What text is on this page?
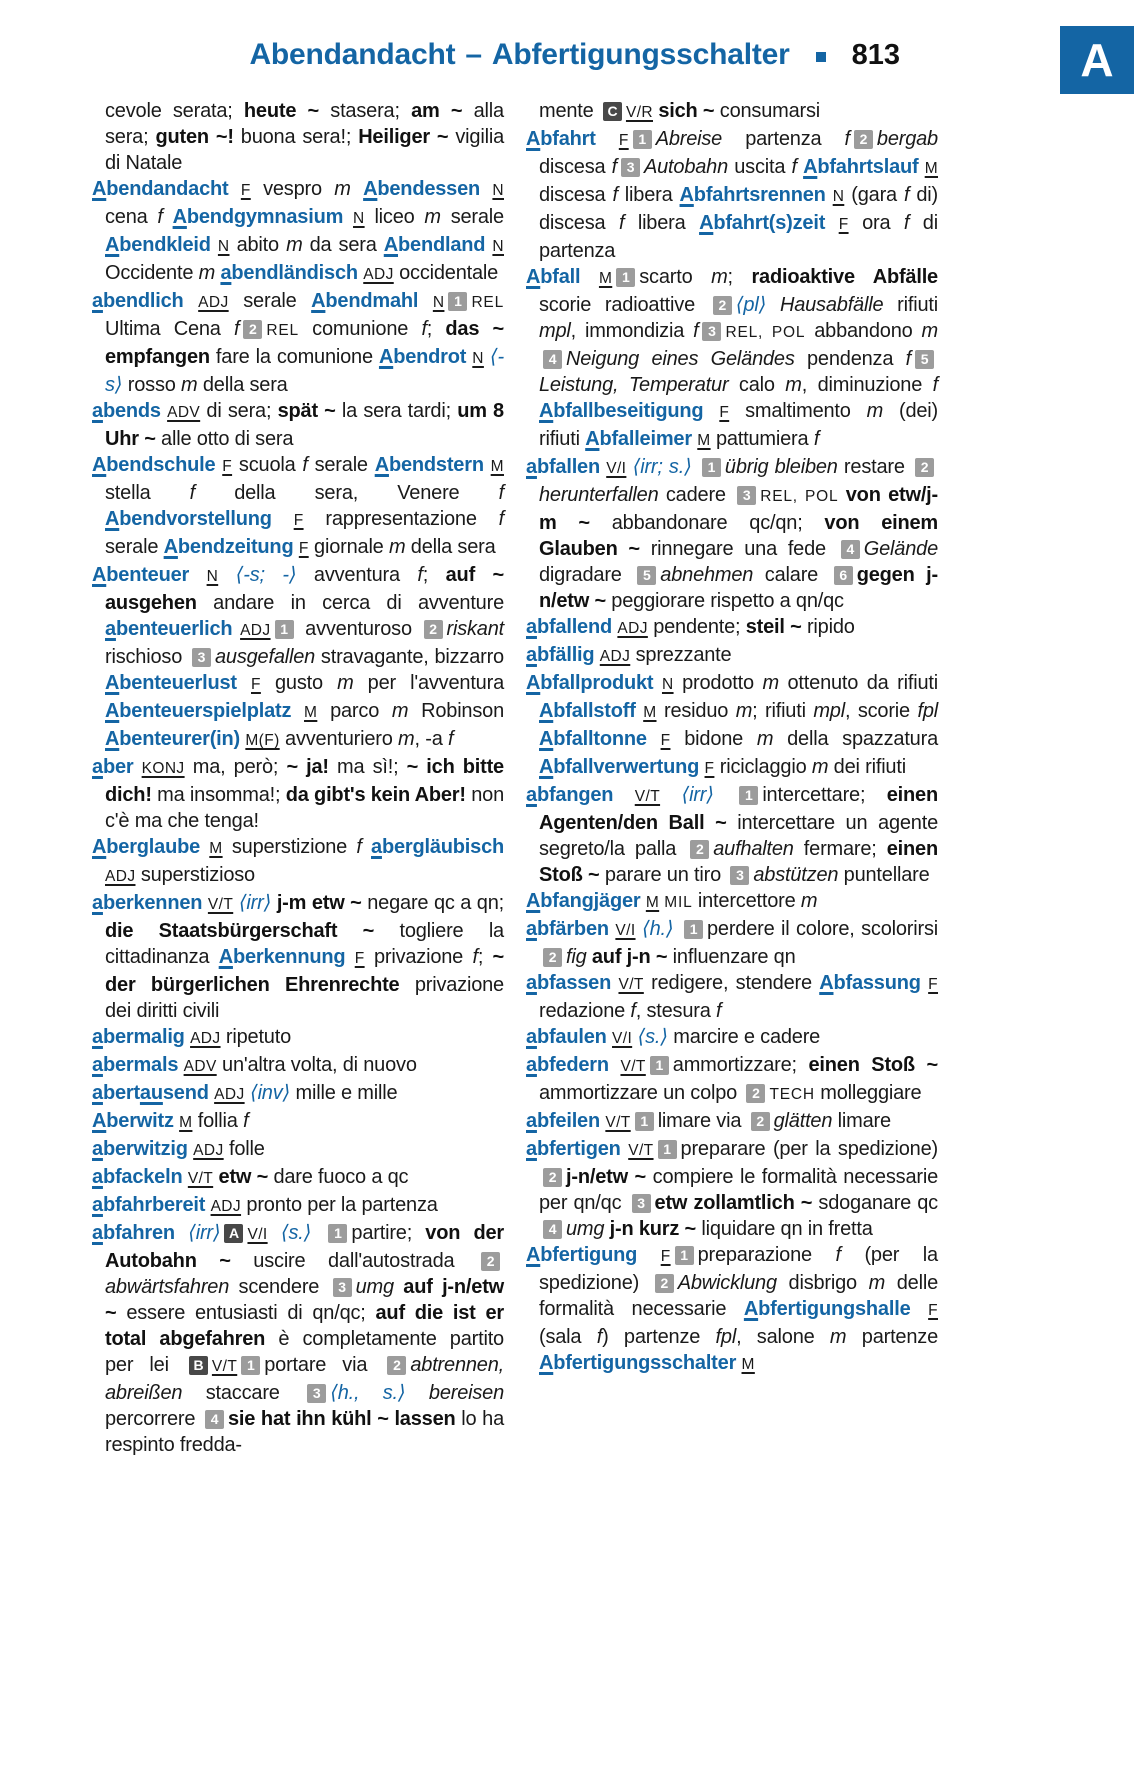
Abendandacht – Abfertigungsschalter 813	A

cevole serata; heute ~ stasera; am ~ alla sera; guten ~! buona sera!; Heiliger ~ vigilia di Natale

Abendandacht F vespro m Abendessen N cena f Abendgymnasium N liceo m serale Abendkleid N abito m da sera Abendland N Occidente m abendländisch ADJ occidentale

abendlich ADJ serale Abendmahl N 1 REL Ultima Cena f 2 REL comunione f; das ~ empfangen fare la comunione Abendrot N ⟨-s⟩ rosso m della sera

abends ADV di sera; spät ~ la sera tardi; um 8 Uhr ~ alle otto di sera

Abendschule F scuola f serale Abendstern M stella f della sera, Venere f Abendvorstellung F rappresentazione f serale Abendzeitung F giornale m della sera

Abenteuer N ⟨-s; -⟩ avventura f; auf ~ ausgehen andare in cerca di avventure abenteuerlich ADJ 1 avventuroso 2 riskant rischioso 3 ausgefallen stravagante, bizzarro Abenteuerlust F gusto m per l'avventura Abenteuerspielplatz M parco m Robinson Abenteurer(in) M(F) avventuriero m, -a f

aber KONJ ma, però; ~ ja! ma sì!; ~ ich bitte dich! ma insomma!; da gibt's kein Aber! non c'è ma che tenga!

Aberglaube M superstizione f abergläubisch ADJ superstizioso

aberkennen V/T ⟨irr⟩ j-m etw ~ negare qc a qn; die Staatsbürgerschaft ~ togliere la cittadinanza Aberkennung F privazione f; ~ der bürgerlichen Ehrenrechte privazione dei diritti civili

abermalig ADJ ripetuto

abermals ADV un'altra volta, di nuovo

abertausend ADJ ⟨inv⟩ mille e mille

Aberwitz M follia f

aberwitzig ADJ folle

abfackeln V/T etw ~ dare fuoco a qc

abfahrbereit ADJ pronto per la partenza

abfahren ⟨irr⟩ A V/I ⟨s.⟩ 1 partire; von der Autobahn ~ uscire dall'autostrada 2abwärtsfahren scendere 3 umg auf j-n/etw ~ essere entusiasti di qn/qc; auf die ist er total abgefahren è completamente partito per lei B V/T 1 portare via 2 abtrennen, abreißen staccare 3 ⟨h., s.⟩ bereisen percorrere 4 sie hat ihn kühl ~ lassen lo ha respinto fredda-

mente C V/R sich ~ consumarsi

Abfahrt F 1 Abreise partenza f 2 bergab discesa f 3 Autobahn uscita f Abfahrtslauf M discesa f libera Abfahrtsrennen N (gara f di) discesa f libera Abfahrt(s)zeit F ora f di partenza

Abfall M 1 scarto m; radioaktive Abfälle scorie radioattive 2 ⟨pl⟩ Hausabfälle rifiuti mpl, immondizia f 3 REL, POL abbandono m4 Neigung eines Geländes pendenza f 5Leistung, Temperatur calo m, diminuzione f Abfallbeseitigung F smaltimento m (dei) rifiuti Abfalleimer M pattumiera f

abfallen V/I ⟨irr; s.⟩ 1 übrig bleiben restare 2herunterfallen cadere 3 REL, POL von etw/j-m ~ abbandonare qc/qn; von einem Glauben ~ rinnegare una fede 4 Gelände digradare 5 abnehmen calare 6 gegen j-n/etw ~ peggiorare rispetto a qn/qc

abfallend ADJ pendente; steil ~ ripido

abfällig ADJ sprezzante

Abfallprodukt N prodotto m ottenuto da rifiuti Abfallstoff M residuo m; rifiuti mpl, scorie fpl Abfalltonne F bidone m della spazzatura Abfallverwertung F riciclaggio m dei rifiuti

abfangen V/T ⟨irr⟩ 1 intercettare; einen Agenten/den Ball ~ intercettare un agente segreto/la palla 2 aufhalten fermare; einen Stoß ~ parare un tiro 3 abstützen puntellare

Abfangjäger M MIL intercettore m

abfärben V/I ⟨h.⟩ 1 perdere il colore, scolorirsi 2 fig auf j-n ~ influenzare qn

abfassen V/T redigere, stendere Abfassung F redazione f, stesura f

abfaulen V/I ⟨s.⟩ marcire e cadere

abfedern V/T 1 ammortizzare; einen Stoß ~ ammortizzare un colpo 2 TECH molleggiare

abfeilen V/T 1 limare via 2 glätten limare

abfertigen V/T 1 preparare (per la spedizione) 2 j-n/etw ~ compiere le formalità necessarie per qn/qc 3 etw zollamtlich ~ sdoganare qc 4 umg j-n kurz ~ liquidare qn in fretta

Abfertigung F 1 preparazione f (per la spedizione) 2 Abwicklung disbrigo m delle formalità necessarie Abfertigungshalle F (sala f) partenze fpl, salone m partenze Abfertigungsschalter M
